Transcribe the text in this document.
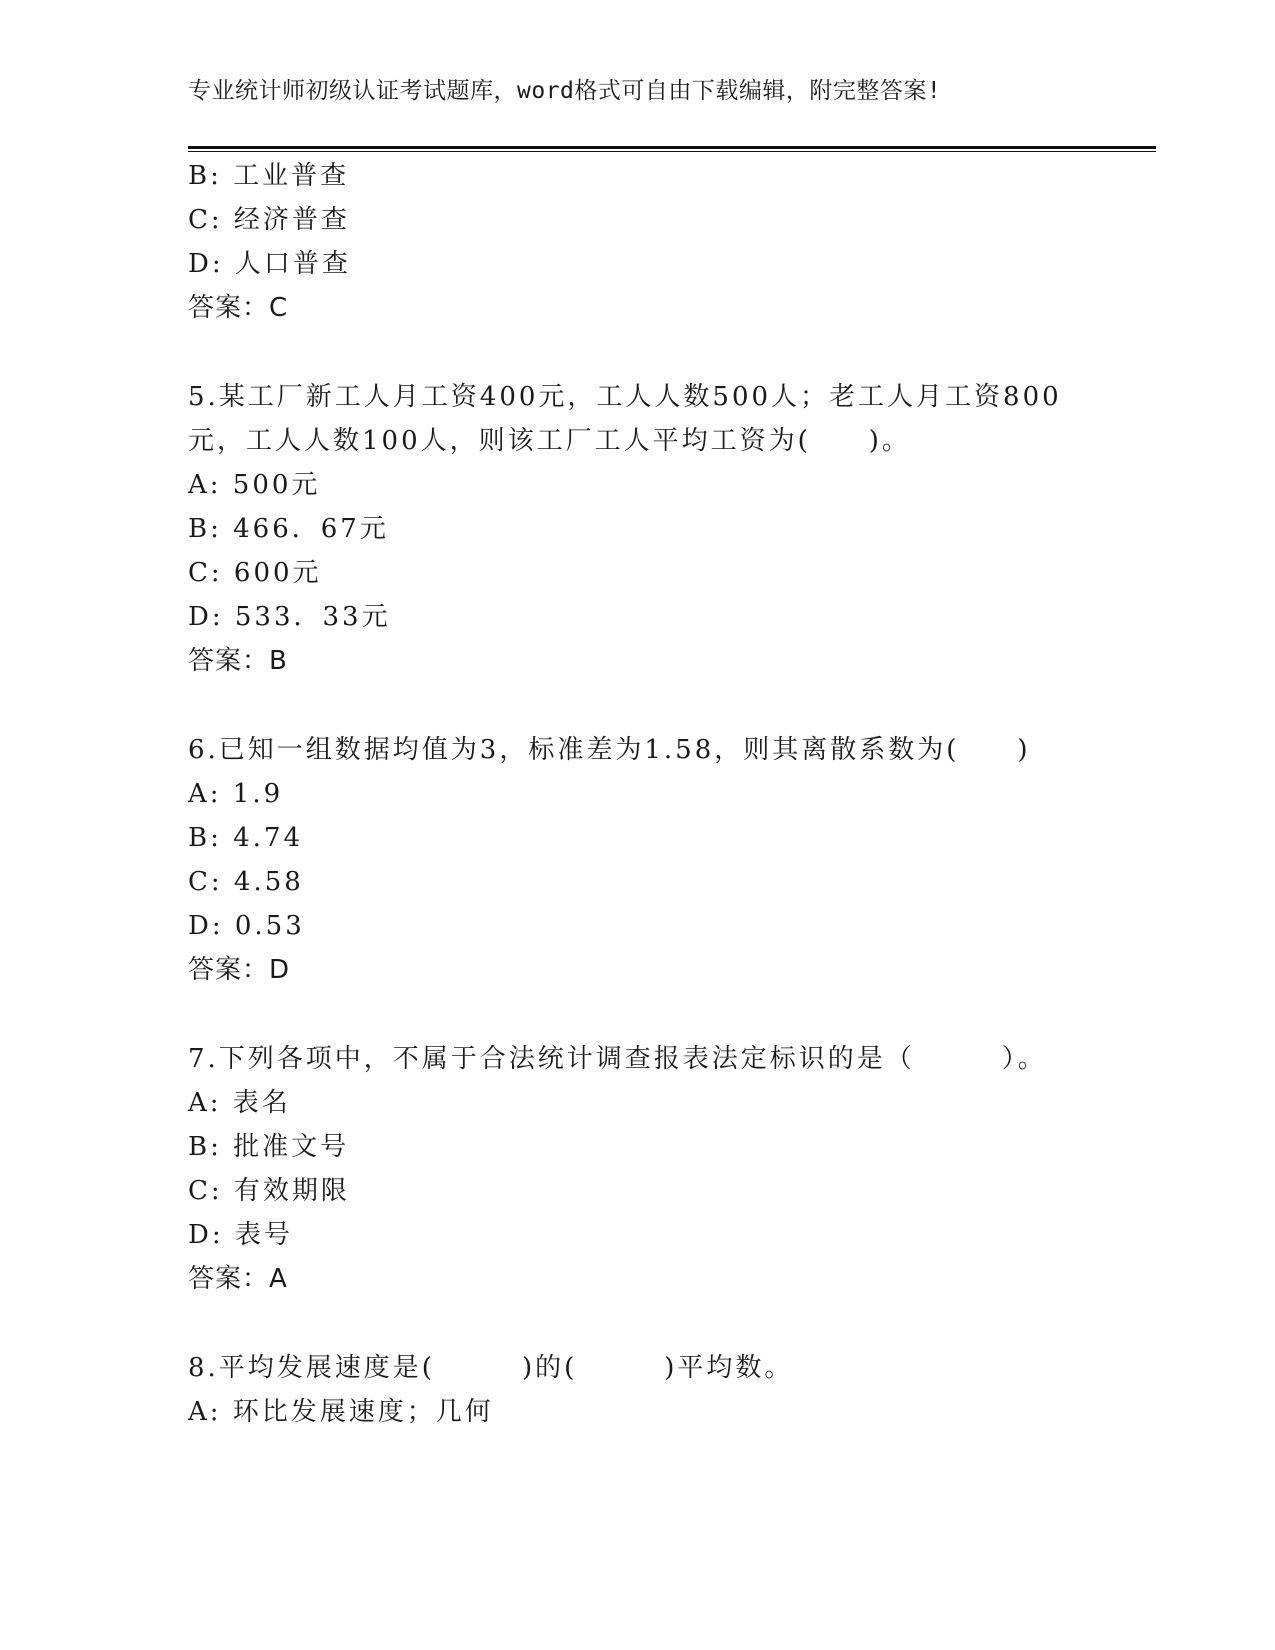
专业统计师初级认证考试题库，word格式可自由下载编辑，附完整答案!
B: 工业普查
C: 经济普查
D: 人口普查
答案：C
5.某工厂新工人月工资400元，工人人数500人；老工人月工资800
元，工人人数100人，则该工厂工人平均工资为(　　)。
A: 500元
B: 466．67元
C: 600元
D: 533．33元
答案：B
6.已知一组数据均值为3，标准差为1.58，则其离散系数为(　　)
A: 1.9
B: 4.74
C: 4.58
D: 0.53
答案：D
7.下列各项中，不属于合法统计调查报表法定标识的是（　　　）。
A: 表名
B: 批准文号
C: 有效期限
D: 表号
答案：A
8.平均发展速度是(　　　)的(　　　)平均数。
A: 环比发展速度；几何
